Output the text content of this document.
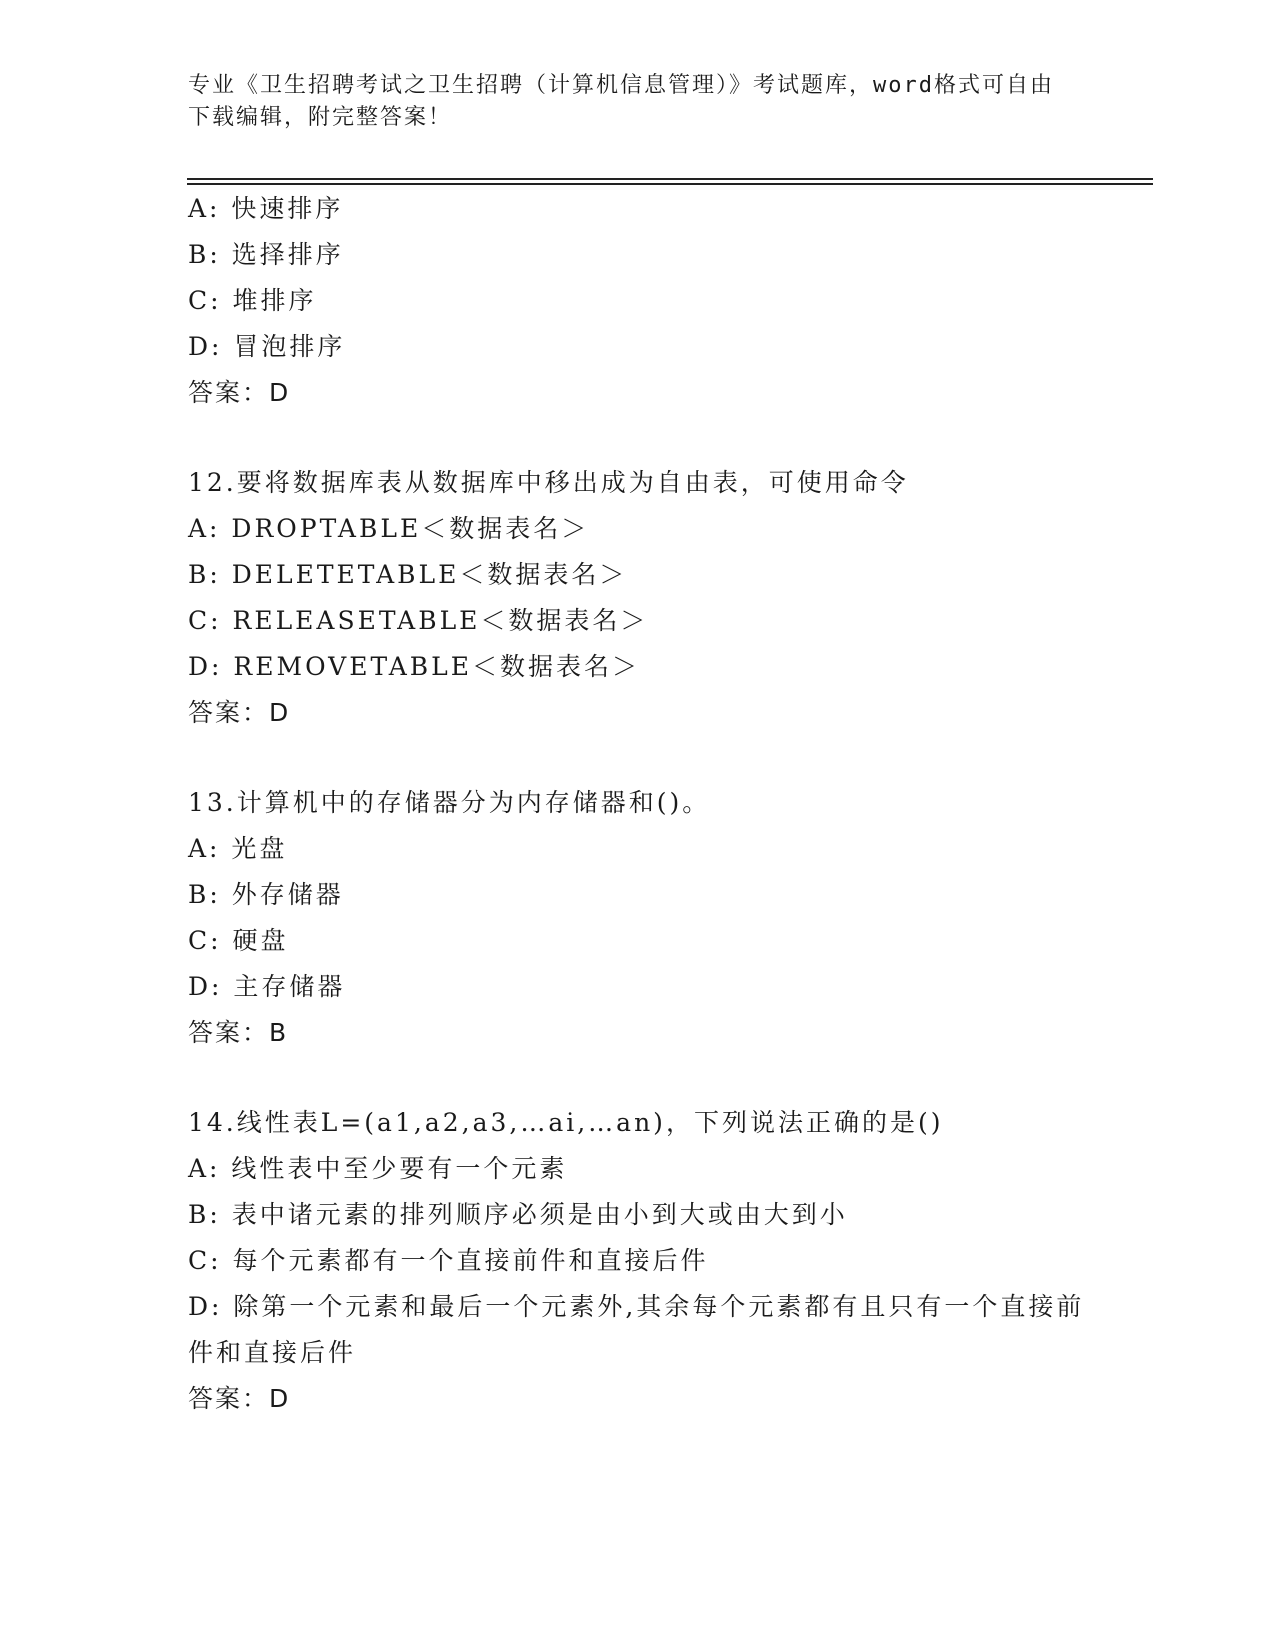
专业《卫生招聘考试之卫生招聘（计算机信息管理）》考试题库，word格式可自由下载编辑，附完整答案！
A: 快速排序
B: 选择排序
C: 堆排序
D: 冒泡排序
答案：D
12.要将数据库表从数据库中移出成为自由表，可使用命令
A: DROPTABLE＜数据表名＞
B: DELETETABLE＜数据表名＞
C: RELEASETABLE＜数据表名＞
D: REMOVETABLE＜数据表名＞
答案：D
13.计算机中的存储器分为内存储器和()。
A: 光盘
B: 外存储器
C: 硬盘
D: 主存储器
答案：B
14.线性表L=(a1,a2,a3,…ai,…an)，下列说法正确的是()
A: 线性表中至少要有一个元素
B: 表中诸元素的排列顺序必须是由小到大或由大到小
C: 每个元素都有一个直接前件和直接后件
D: 除第一个元素和最后一个元素外,其余每个元素都有且只有一个直接前件和直接后件
答案：D
